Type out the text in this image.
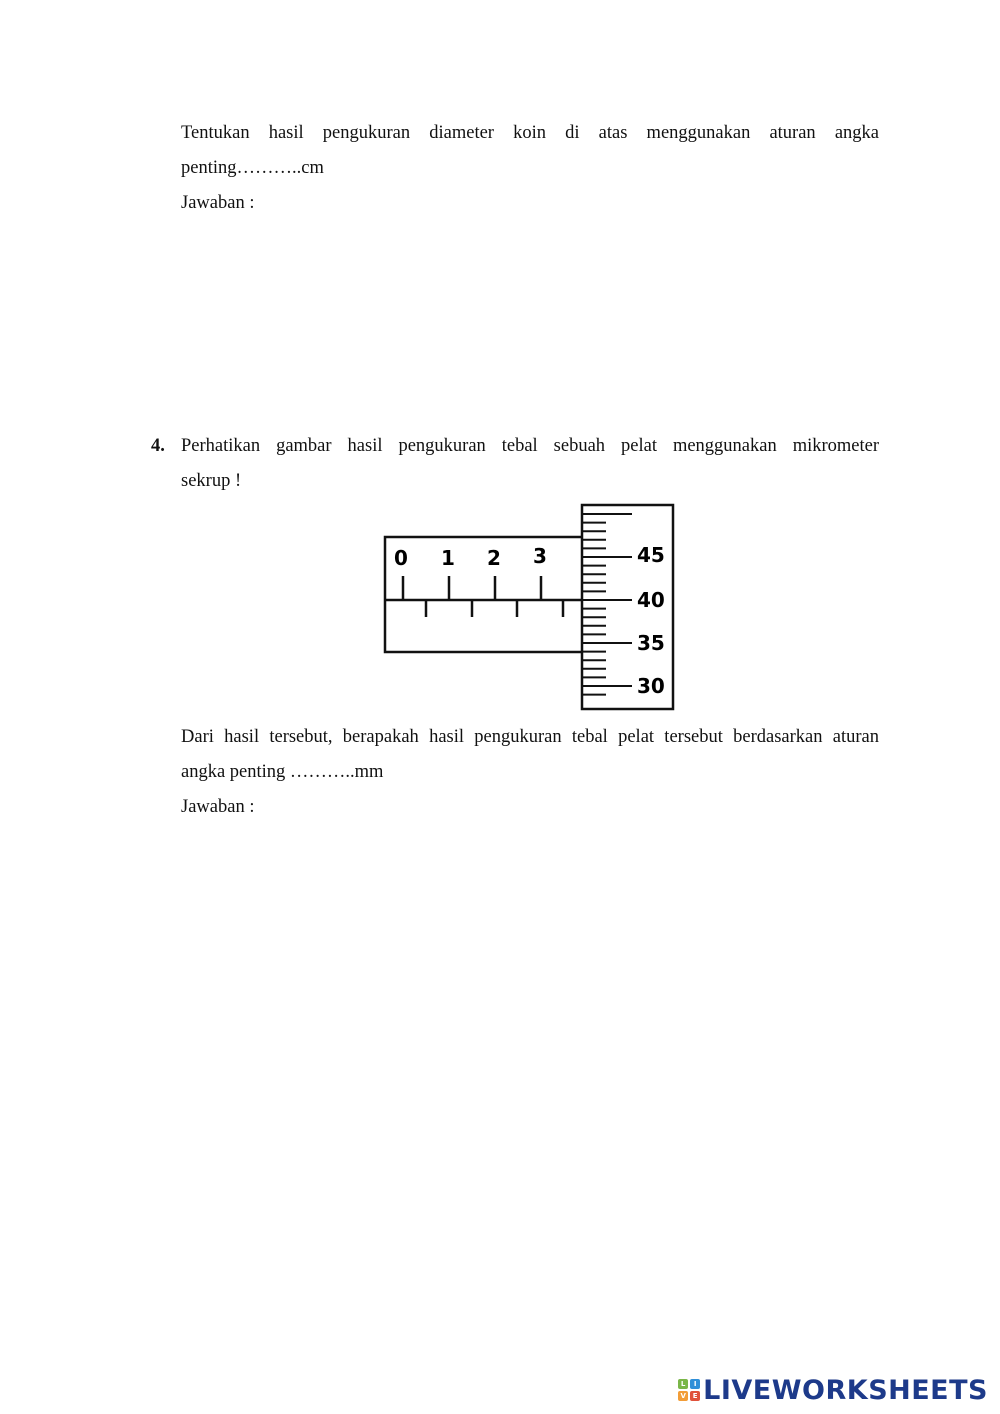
Tentukan hasil pengukuran diameter koin di atas menggunakan aturan angka
penting………..cm
Jawaban :
4. Perhatikan gambar hasil pengukuran tebal sebuah pelat menggunakan mikrometer
sekrup !
0 1 2 3	45
40
35
30
Dari hasil tersebut, berapakah hasil pengukuran tebal pelat tersebut berdasarkan aturan
angka penting ………..mm
Jawaban :
L	I
V E LIVEWORKSHEETS
